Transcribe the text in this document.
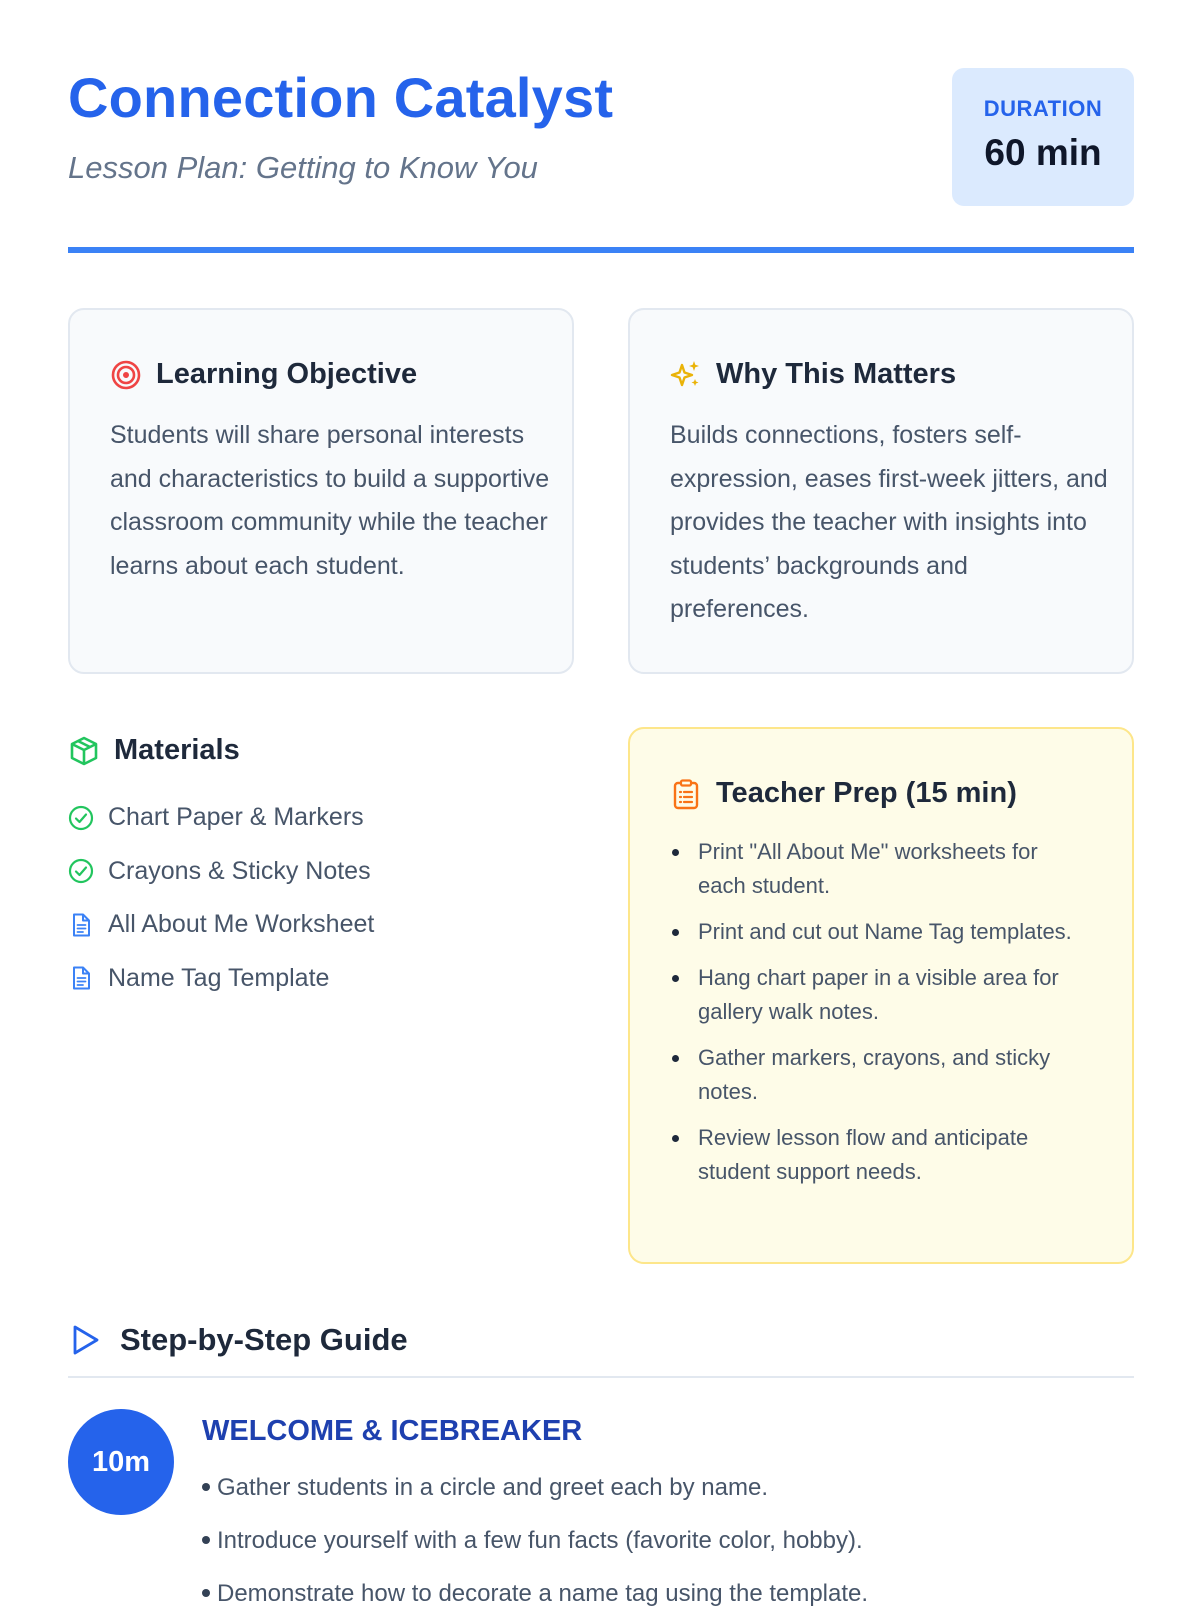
Connection Catalyst

Lesson Plan: Getting to Know You

DURATION
60 min
Learning Objective

Students will share personal interests and characteristics to build a supportive classroom community while the teacher learns about each student.

Why This Matters

Builds connections, fosters self-expression, eases first-week jitters, and provides the teacher with insights into students’ backgrounds and preferences.

Materials
Chart Paper & Markers
Crayons & Sticky Notes
All About Me Worksheet
Name Tag Template
Teacher Prep (15 min)
Print "All About Me" worksheets for each student.
Print and cut out Name Tag templates.
Hang chart paper in a visible area for gallery walk notes.
Gather markers, crayons, and sticky notes.
Review lesson flow and anticipate student support needs.
Step-by-Step Guide
10m
WELCOME & ICEBREAKER
Gather students in a circle and greet each by name.
Introduce yourself with a few fun facts (favorite color, hobby).
Demonstrate how to decorate a name tag using the template.
